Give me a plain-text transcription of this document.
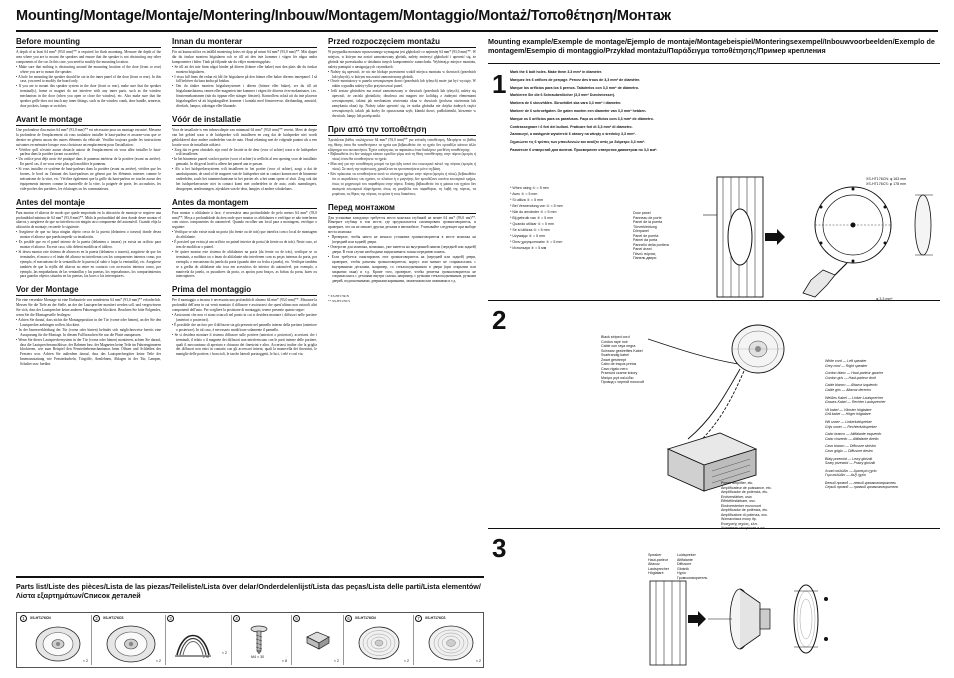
Mounting/Montage/Montaje/Montering/Inbouw/Montagem/Montaggio/Montaż/Τοποθέτηση/Монтаж
Before mounting

A depth of at least 64 mm* (93.0 mm)** is required for flush mounting. Measure the depth of the area where you are to mount the speakers and ensure that the speaker is not obstructing any other components of the car. In this case, you need to modify the mounting location.

• Make sure that nothing is obstructing around the mounting location of the door (front or rear) where you are to mount the speaker.
• A hole for mounting the speaker should be cut in the inner panel of the door (front or rear). In this case, you need to modify the board only.
• If you are to mount this speaker system in the door (front or rear), make sure that the speaker terminal(s), frame or magnet do not interfere with any inner parts, such as the window mechanism in the door (when you open or close the window), etc. Also make sure that the speaker grille does not touch any inner fittings, such as the window crank, door handle, armrests, door pockets, lamps or switches.
Avant le montage

Une profondeur d'au moins 64 mm* (93,0 mm)** est nécessaire pour un montage encastré. Mesurez la profondeur de l'emplacement où vous souhaitez installer le haut-parleur et assurez-vous que ce dernier ne gênera aucun des autres éléments du véhicule. Veuillez toujours garder les instructions suivantes en mémoire lorsque vous choisissez un emplacement pour l'installation :

• Vérifiez qu'il n'existe aucun obstacle autour de l'emplacement où vous allez installer le haut-parleur dans la portière (avant ou arrière).
• Un orifice peut déjà avoir été pratiqué dans le panneau intérieur de la portière (avant ou arrière). En pareil cas, il ne vous reste plus qu'à modifier le panneau.
• Si vous installez ce système de haut-parleurs dans la portière (avant ou arrière), vérifiez que les bornes, le bord ou l'aimant des haut-parleurs ne gênent pas les éléments internes comme le mécanisme de la vitre, etc. Vérifiez également que la grille du haut-parleur ne touche aucun des équipements internes comme la manivelle de la vitre, la poignée de porte, les accoudoirs, les vide-poches des portières, les éclairages ou les commutateurs.
Antes del montaje

Para montar el altavoz de modo que quede empotrado en la ubicación de montaje se requiere una profundidad mínima de 64 mm* (93,0 mm)**. Mida la profundidad del área donde desee montar el altavoz y asegúrese de que no interfiera con ningún otro componente del automóvil. Cuando elija la ubicación de montaje, recuerde lo siguiente:

• Asegúrese de que no haya ningún objeto cerca de la puerta (delantera o trasera) donde desea montar el altavoz que pueda impedir su instalación.
• Es posible que en el panel interno de la puerta (delantera o trasera) ya exista un orificio para montar el altavoz. En este caso, sólo deberá modificar el tablero.
• Si desea montar este sistema de altavoces en la puerta (delantera o trasera), asegúrese de que los terminales, el marco o el imán del altavoz no interfieran con los componentes internos como, por ejemplo, el mecanismo de la ventanilla de la puerta (al subir o bajar la ventanilla), etc. Asegúrese también de que la rejilla del altavoz no entre en contacto con accesorios internos como, por ejemplo, las empuñaduras de las ventanillas y las puertas, los reposabrazos, los compartimientos para guardar objetos situados en las puertas, las luces o los interruptores.
Vor der Montage

Für eine versenkte Montage ist eine Einbautiefe von mindestens 64 mm* (93,0 mm)** erforderlich. Messen Sie die Tiefe an der Stelle, an der der Lautsprecher montiert werden soll, und vergewissern Sie sich, dass der Lautsprecher keine anderen Fahrzeugteile blockiert. Beachten Sie bitte Folgendes, wenn Sie die Montagestelle festlegen:

• Achten Sie darauf, dass nichts die Montageposition in der Tür (vorne oder hinten), an der Sie den Lautsprecher anbringen wollen, blockiert.
• In der Innenverkleidung der Tür (vorne oder hinten) befindet sich möglicherweise bereits eine Aussparung für die Montage. In diesem Fall brauchen Sie nur die Platte anzupassen.
• Wenn Sie dieses Lautsprechersystem in der Tür (vorne oder hinten) montieren, achten Sie darauf, dass die Lautsprecheranschlüsse, der Rahmen bzw. der Magneten keine Teile im Fahrzeuginneren blockieren, wie zum Beispiel den Fensterhebemechanismus beim Öffnen und Schließen des Fensters usw. Achten Sie außerdem darauf, dass das Lautsprechergitter keine Teile der Innenausstattung wie Fensterkurbeln, Türgriffe, Armlehnen, Ablagen in der Tür, Lampen, Schalter usw. berührt.
Innan du monterar

För att kunna utföra en infälld montering krävs ett djup på minst 64 mm* (93,0 mm)**. Mät djupet där du önskar montera högtalaren och se till att den inte kommer i vägen för några andra komponenter i bilen. Tänk på följande när du väljer monteringsplats:

• Se till att det inte finns något hinder på dörren (främre eller bakre) runt den plats där du önskar montera högtalaren.
• I vissa fall finns det redan ett hål för högtalaren på den främre eller bakre dörrens innerpanel. I så fall behöver du bara ändra på brädan.
• Om du tänker montera högtalarsystemet i dörren (främre eller bakre), ser du till att högtalaranslutarna, ramen eller magneten inte kommer i vägen för dörrens övre mekanismer, t.ex. fönstermekanismen (när du öppnar eller stänger fönstret). Kontrollera också att du inte placerar högtalargallret så att högtalargallret kommer i kontakt med fönstervevar, dörrhandtag, armstöd, dörrfack, lampor, säkringar eller liknande.
Vóór de installatie

Voor de installatie is een inbouwdiepte van minimaal 64 mm* (93,0 mm)** vereist. Meet de diepte van het gebied waar u de luidspreker wilt installeren en zorg dat de luidspreker niet wordt geblokkeerd door andere onderdelen van de auto. Houd rekening met de volgende punten als u een locatie voor de installatie uitkiest:

• Zorg dat er geen obstakels zijn rond de locatie in de deur (voor of achter) waar u de luidspreker wilt installeren.
• In het binnenste paneel van het portier (voor of achter) is wellicht al een opening voor de installatie gemaakt. In dit geval hoeft u alleen het paneel aan te passen.
• Als u het luidsprekersysteem wilt installeren in het portier (voor of achter), zorgt u dat de aansluitpunten, de rand of de magneet van de luidspreker niet in contact komen met de binnenste onderdelen, zoals het raammechanisme in het portier als u het raam opent of sluit. Zorg ook dat het luidsprekerrooster niet in contact komt met onderdelen in de auto, zoals raamslingers, deurgrepen, armleuningen, zijvakken van de deur, lampjes of andere schakelaars.
Antes da montagem

Para montar o altifalante à face, é necessária uma profundidade de pelo menos 64 mm* (93,0 mm)**. Meça a profundidade da área onde quer montar os altifalantes e verifique se não interferem com outros componentes do automóvel. Quando escolher um local para a montagem, verifique o seguinte:

• Verifique se não existe nada na porta (da frente ou de trás) que interfira com o local de montagem do altifalante.
• É possível que exista já um orifício no painel interior da porta (da frente ou de trás). Neste caso, só tem de modificar o painel.
• Se quiser montar este sistema de altifalantes na porta (da frente ou de trás), verifique se os terminais, a moldura ou o íman do altifalante não interferem com as peças internas da porta, por exemplo, o mecanismo da janela da porta (quando abre ou fecha a janela), etc. Verifique também se a grelha do altifalante não toca em acessórios do interior do automóvel, por exemplo, a manivela da janela, os puxadores da porta, os apoios para braços, as bolsas da porta, luzes ou interruptores.
Prima del montaggio

Per il montaggio a incasso è necessaria una profondità di almeno 64 mm* (93,0 mm)**. Misurare la profondità dell'area in cui verrà montato il diffusore e assicurarsi che quest'ultimo non ostacoli altri componenti dell'auto. Per scegliere la posizione di montaggio, tenere presente quanto segue:

• Assicurarsi che non vi siano ostacoli nel punto in cui si desidera montare i diffusori nelle portiere (anteriori o posteriori).
• È possibile che un foro per il diffusore sia già presente nel pannello interno della portiera (anteriore o posteriore). In tal caso, è necessario modificare solamente il pannello.
• Se si desidera montare il sistema diffusore sulle portiere (anteriori o posteriori), accertarsi che i terminali, il telaio o il magnete dei diffusori non interferiscano con le parti interne delle portiere, quali il meccanismo di apertura e chiusura dei finestrini e altro. Accertarsi inoltre che la griglia dei diffusori non entri in contatto con gli accessori interni, quali la manovella dei finestrini, le maniglie delle portiere, i braccioli, le tasche laterali portaoggetti, le luci, i relè e così via.
Przed rozpoczęciem montażu

W przypadku montażu wpuszczanego wymagana jest głębokość co najmniej 64 mm* (93,0 mm)**. W miejscu, w którym ma zostać zamontowany głośnik, należy zmierzyć głębokość i upewnić się, że głośnik nie przeszkadza w działaniu innych komponentów samochodu. Wybierając miejsce montażu, należy pamiętać o następujących czynnikach:

• Należy się upewnić, że nic nie blokuje przestrzeni wokół miejsca montażu w drzwiach (przednich lub tylnych), w którym ma zostać zamontowany głośnik.
• Otwór montażowy w panelu wewnętrznym drzwi (przednich lub tylnych) może już być wycięty. W takim wypadku należy tylko przystosować panel.
• Jeśli zestaw głośników ma zostać zamontowany w drzwiach (przednich lub tylnych), należy się upewnić, że zaciski głośników, obudowa ani magnes nie kolidują z żadnymi elementami wewnętrznymi, takimi jak mechanizm otwierania okna w drzwiach (podczas otwierania lub zamykania okna) itp. Należy także upewnić się, że siatka głośnika nie dotyka żadnych części wewnętrznych, takich jak korby do opuszczania szyb, klamki drzwi, podłokietniki, kieszenie w drzwiach, lampy lub przełączniki.
Πριν από την τοποθέτηση

Χρειάζεται βάθος τουλάχιστον 64 mm* (93,0 mm)** για επίπεδη τοποθέτηση. Μετρήστε το βάθος της θέσης όπου θα τοποθετήσετε τα ηχεία και βεβαιωθείτε ότι το ηχείο δεν εμποδίζει κάποιο άλλο εξάρτημα του αυτοκινήτου. Έχετε υπόψη σας τα παρακάτω όταν διαλέγετε μια θέση τοποθέτησης:

• Βεβαιωθείτε ότι δεν υπάρχει κάποιο εμπόδιο γύρω από τη θέση τοποθέτησης στην πόρτα (εμπρός ή πίσω) όπου θα τοποθετήσετε το ηχείο.
• Μια οπή για την τοποθέτηση μπορεί να έχει ήδη κοπεί στο εσωτερικό πάνελ της πόρτας (εμπρός ή πίσω). Σε αυτή την περίπτωση, χρειάζεται να τροποποιήσετε μόνο τη βάση.
• Εάν πρόκειται να τοποθετήσετε αυτό το σύστημα ηχείων στην πόρτα (εμπρός ή πίσω), βεβαιωθείτε ότι οι ακροδέκτες του ηχείου, το πλαίσιο ή ο μαγνήτης δεν εμποδίζουν κανένα εσωτερικό τμήμα, όπως το μηχανισμό του παραθύρου στην πόρτα. Επίσης βεβαιωθείτε ότι η μάσκα του ηχείου δεν ακουμπά εσωτερικά εξαρτήματα, όπως τη μανιβέλα του παραθύρου, τη λαβή της πόρτας, τα μπράτσα, τις θήκες της πόρτας, τα φώτα ή τους διακόπτες.
Перед монтажом

Для установки заподлицо требуется место монтажа глубиной не менее 64 мм* (93,0 мм)**. Измерьте глубину в том месте, где предполагается смонтировать громкоговоритель, и проверьте, что он не мешает другим деталям в автомобиле. Учитывайте следующее при выборе места монтажа:

• Проверьте, чтобы ничто не мешало установке громкоговорителя в месте монтажа на (передней или задней) двери.
• Отверстие для монтажа, возможно, уже имеется на внутренней панели (передней или задней) двери. В этом случае необходимо видоизменить только переднюю панель.
• Если требуется смонтировать этот громкоговоритель на (передней или задней) двери, проверьте, чтобы разъемы громкоговорителя, корпус или магнит не соприкасались с внутренними деталями, например, со стеклоподъемником в двери (при открытии или закрытии окна) и т.д. Кроме того, проверьте, чтобы решетка громкоговорителя не соприкасалась с деталями внутри салона, например, с ручками стеклоподъемников, ручками дверей, подлокотниками, дверными карманами, лампочками или зажимами и т.д.

* XS-HT176CN

** XS-HT176CS

Parts list/Liste des pièces/Lista de las piezas/Teileliste/Lista över delar/Onderdelenlijst/Lista das peças/Lista delle parti/Lista elementów/Λίστα εξαρτημάτων/Список деталей
1	XS-HT176CN
× 2
2	XS-HT176CS
× 2
3
2 m
× 2
4
M4 × 30
× 8
5
× 2
6	XS-HT176CN
× 2
7	XS-HT176CS
× 2
Mounting example/Exemple de montage/Ejemplo de montaje/Montagebeispiel/Monteringsexempel/Inbouwvoorbeelden/Exemplo de montagem/Esempio di montaggio/Przykład montażu/Παράδειγμα τοποθέτησης/Пример крепления
1 Mark the 6 bolt holes. Make them 3.3 mm* in diameter.

Marquez les 6 orifices de perçage. Percez des trous de 3,3 mm* de diamètre.

Marque los orificios para los 6 pernos. Taládrelos con 3,3 mm* de diámetro.

Markieren Sie die 6 Schraubenlöcher (3,3 mm* Durchmesser).

Markera de 6 skruvhålen. Skruvhålet ska vara 3,3 mm* i diameter.

Markeer de 6 schroefgaten. De gaten moeten een diameter van 3,3 mm* hebben.

Marque os 6 orifícios para os parafusos. Faça os orifícios com 3,3 mm* de diâmetro.

Contrassegnare i 6 fori dei bulloni. Praticare fori di 3,3 mm* di diametro.

Zaznaczyć, a następnie wywiercić 6 otwory na wkręty o średnicy 3,3 mm*.

Σημειώστε τις 6 τρύπες των μπουλονιών και ανοίξτε οπές με διάμετρο 3,3 mm*.

Разметьте 6 отверстий для винтов. Просверлите отверстия диаметром по 3,3 мм*.

* When using ⑤ = 5 mm

* Avec ⑤ = 5 mm

* Si utiliza ⑤ = 5 mm

* Bei Verwendung von ⑤ = 5 mm

* När du använder ⑤ = 5 mm

* Bij gebruik van ⑤ = 5 mm

* Quando utilizar ⑤ = 5 mm

* Se si utilizza ⑤ = 5 mm

* Używając ⑤ = 5 mm

* Όταν χρησιμοποιείτε ⑤ = 5 mm

* Используя ⑤ = 5 мм

Door panel

Panneau de porte

Panel de la puerta

Türverkleidung

Dörrpanel

Panel de puerta

Painel da porta

Pannello della portiera

Panel drzwi

Πάνελ πόρτας

Панель двери

XS-HT176CN: φ 163 mm

XS-HT176CS: φ 178 mm

φ 3.3 mm*
2

Black striped cord

Cordon rayé noir

Cable con raya negra

Schwarz gestreiftes Kabel

Svartrandig kabel

Zwart gestreept

Cabo de traços pretos

Cavo rigato nero

Przewód czarne kolory

Μαύρο ριγέ καλώδιο

Провод с черной полосой

White cord — Left speaker

Grey cord — Right speaker

Cordon blanc — Haut-parleur gauche

Cordon gris — Haut-parleur droit

Cable blanco — Altavoz izquierdo

Cable gris — Altavoz derecho

Weißes Kabel — Linker Lautsprecher

Graues Kabel — Rechter Lautsprecher

Vit kabel — Vänster högtalare

Grå kabel — Höger högtalare

Wit snoer — Linkerluidspreker

Grijs snoer — Rechterluidspreker

Cabo branco — Altifalante esquerdo

Cabo cinzento — Altifalante direito

Cavo bianco — Diffusore sinistro

Cavo grigio — Diffusore destro

Biały przewód — Lewy głośnik

Szary przewód — Prawy głośnik

Λευκό καλώδιο — Αριστερό ηχείο

Γκρι καλώδιο — Δεξί ηχείο

Белый провод — левый громкоговоритель

Серый провод — правый громкоговоритель

Power amplifier, etc.

Amplificateur de puissance, etc.

Amplificador de potencia, etc.

Endverstärker, usw.

Effektförstärkare, osv.

Eindversterker enzovoort

Amplificador de potência, etc.

Amplificatore di potenza, ecc.

Wzmacniacz mocy itp.

Ενισχυτής ισχύος, κλπ.

Усилитель мощности и т.п.

3	Speaker

Haut-parleur

Altavoz

Lautsprecher

Högtalare

Luidspreker

Altifalante

Diffusore

Głośnik

Ηχείο

Громкоговоритель
